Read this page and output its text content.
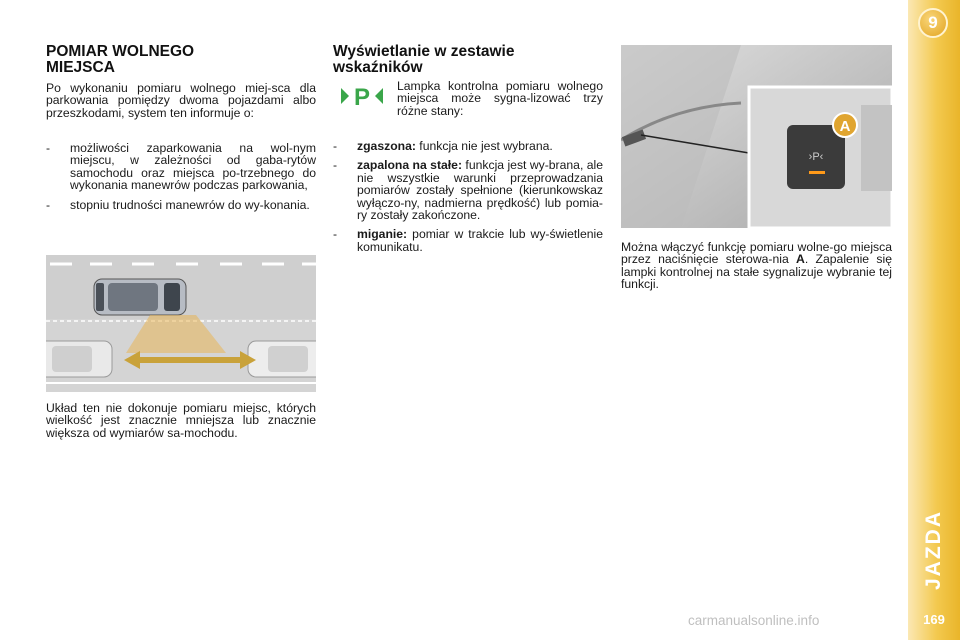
POMIAR WOLNEGO MIEJSCA

Po wykonaniu pomiaru wolnego miej-sca dla parkowania pomiędzy dwoma pojazdami albo przeszkodami, system ten informuje o:

- możliwości zaparkowania na wol-nym miejscu, w zależności od gaba-rytów samochodu oraz miejsca po-trzebnego do wykonania manewrów podczas parkowania,
- stopniu trudności manewrów do wy-konania.

Układ ten nie dokonuje pomiaru miejsc, których wielkość jest znacznie mniejsza lub znacznie większa od wymiarów sa-mochodu.

Wyświetlanie w zestawie wskaźników
P Lampka kontrolna pomiaru wolnego miejsca może sygna-lizować trzy różne stany:

- zgaszona: funkcja nie jest wybrana.
- zapalona na stałe: funkcja jest wy-brana, ale nie wszystkie warunki przeprowadzania pomiarów zostały spełnione (kierunkowskaz wyłączo-ny, nadmierna prędkość) lub pomia-ry zostały zakończone.
- miganie: pomiar w trakcie lub wy-świetlenie komunikatu.
›P‹
A

Można włączyć funkcję pomiaru wolne-go miejsca przez naciśnięcie sterowa-nia A. Zapalenie się lampki kontrolnej na stałe sygnalizuje wybranie tej funkcji.

9
JAZDA
169
carmanualsonline.info
